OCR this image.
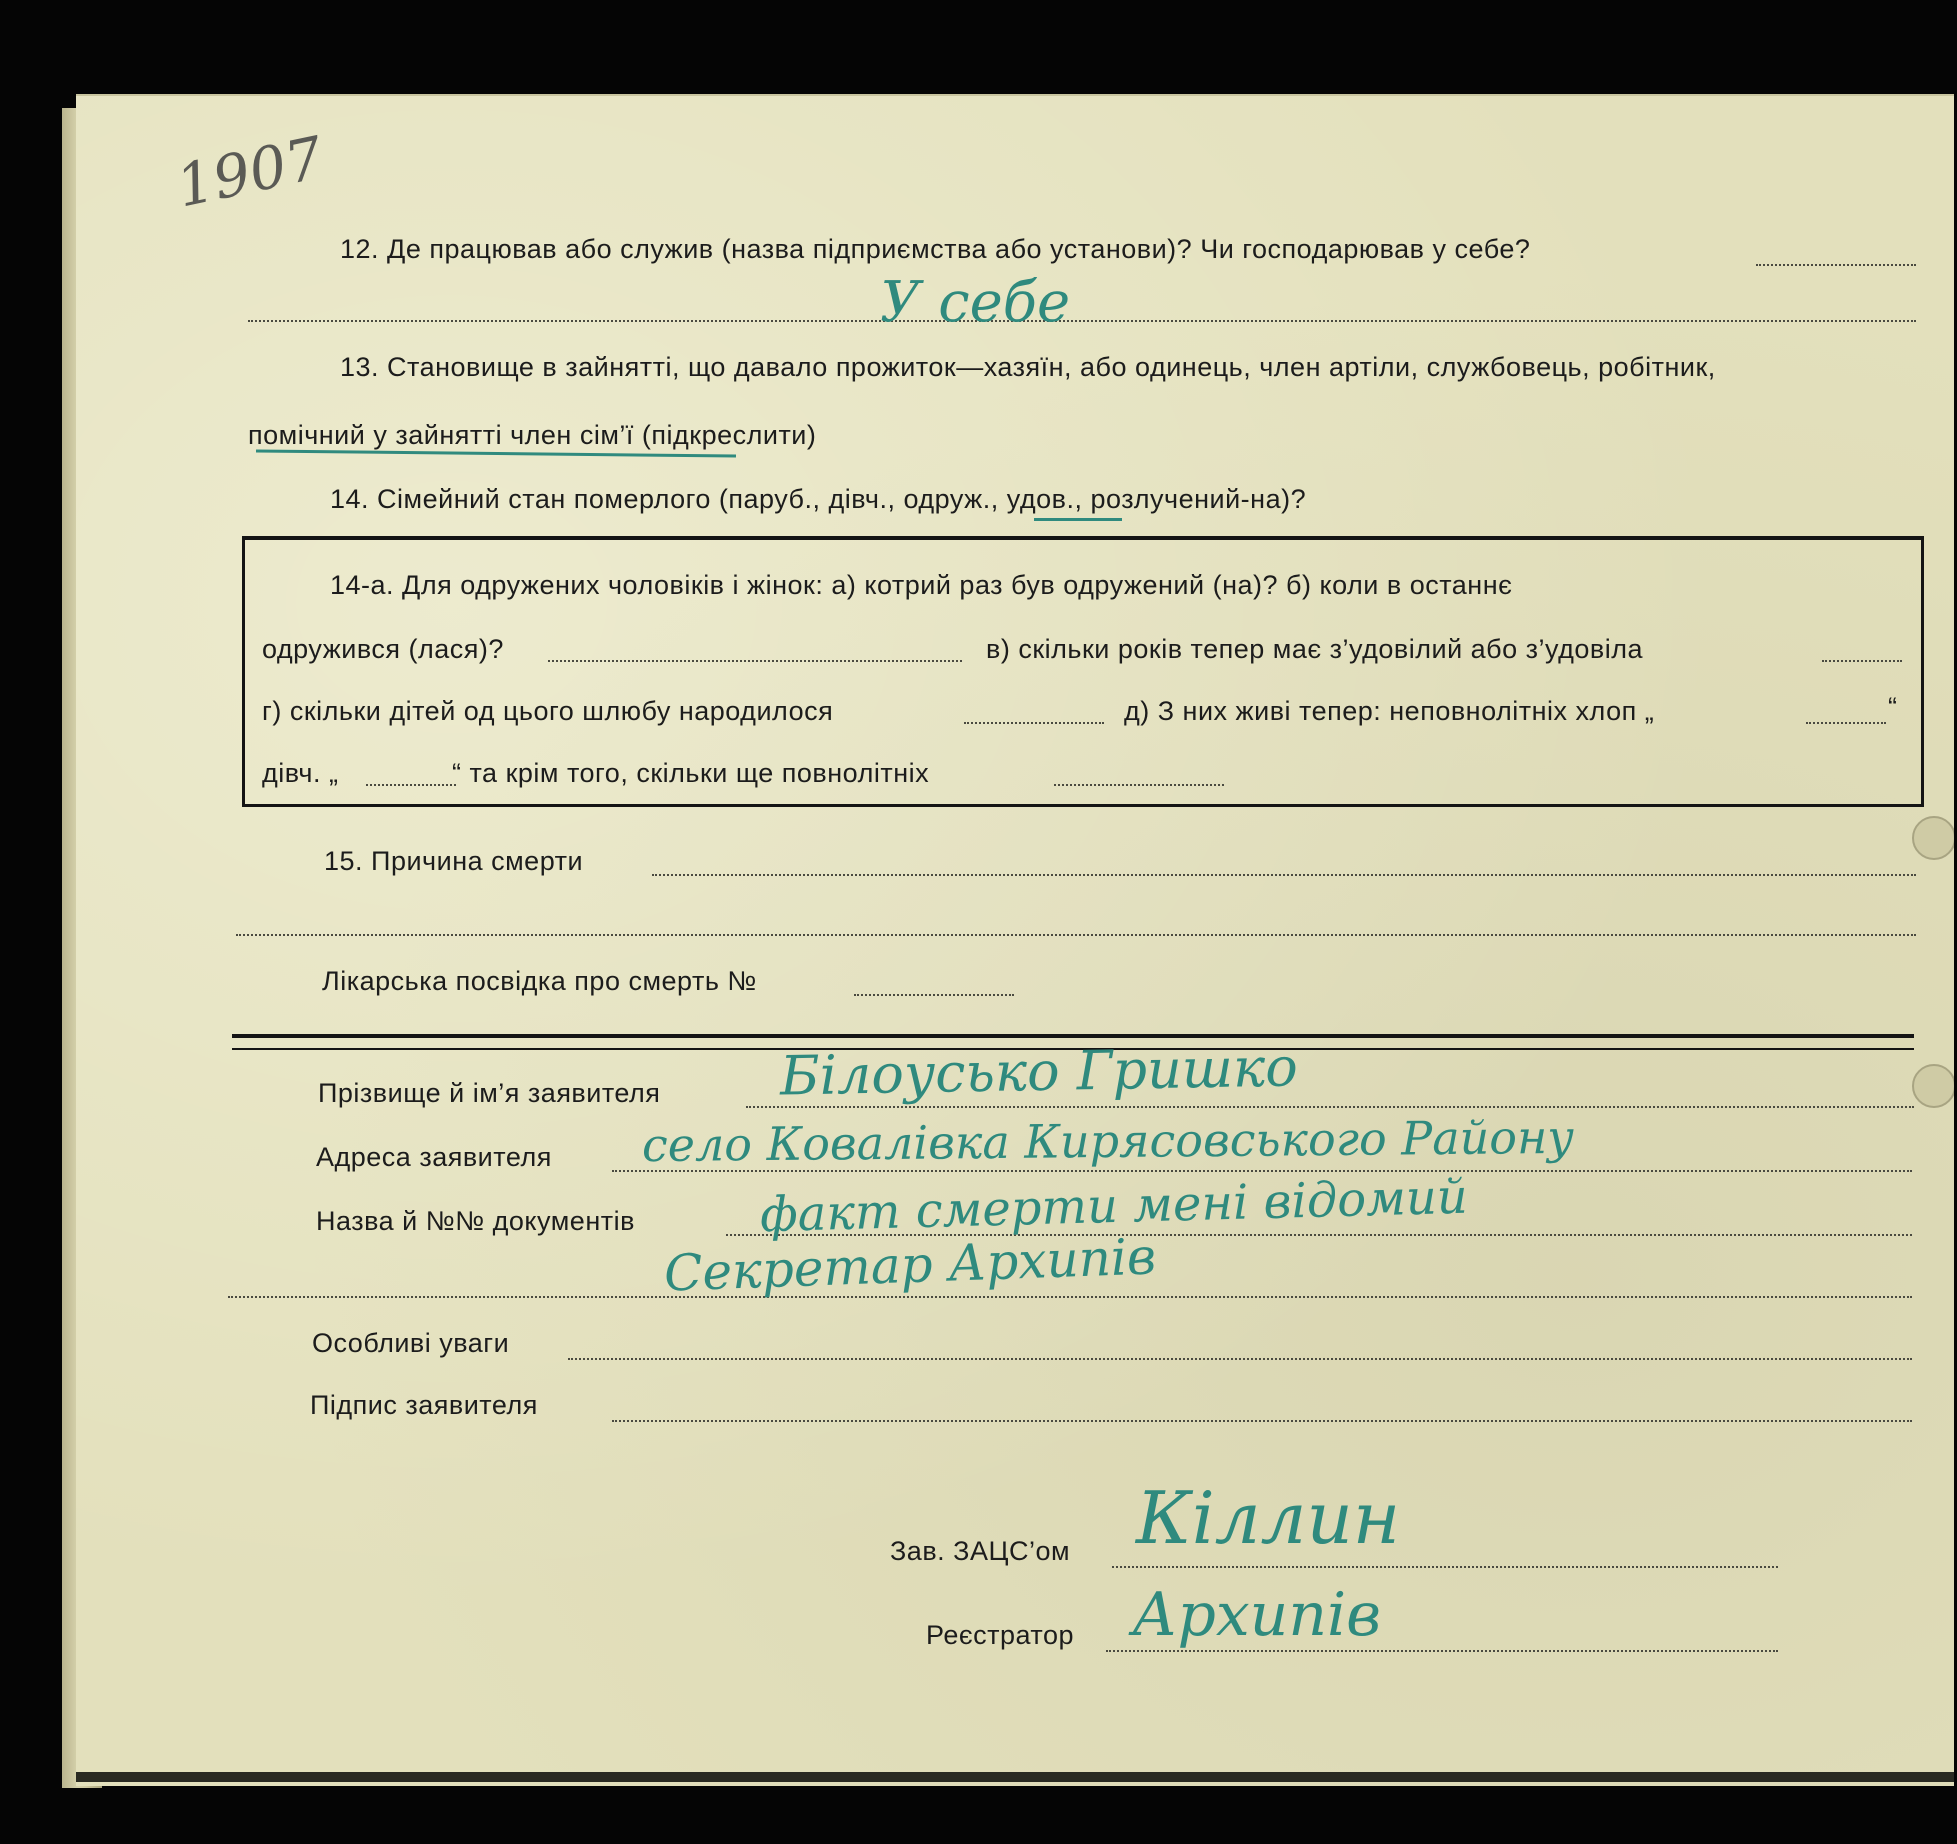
1907
12. Де працював або служив (назва підприємства або установи)? Чи господарював у себе?
У себе
13. Становище в зайнятті, що давало прожиток—хазяїн, або одинець, член артіли, службовець, робітник,
помічний у зайнятті член сім’ї (підкреслити)
14. Сімейний стан померлого (паруб., дівч., одруж., удов., розлучений-на)?
14-а. Для одружених чоловіків і жінок: а) котрий раз був одружений (на)? б) коли в останнє
одружився (лася)?	в) скільки років тепер має з’удовілий або з’удовіла
г) скільки дітей од цього шлюбу народилося	д) З них живі тепер: неповнолітніх хлоп „	“
дівч. „	“ та крім того, скільки ще повнолітніх
15. Причина смерти
Лікарська посвідка про смерть №
Прізвище й ім’я заявителя Білоусько Гришко
Адреса заявителя село Ковалівка Кирясовського Району
Назва й №№ документів	факт смерти мені відомий
Секретар Архипів
Особливі уваги
Підпис заявителя
Зав. ЗАЦС’ом Кіллин
Реєстратор Архипів
